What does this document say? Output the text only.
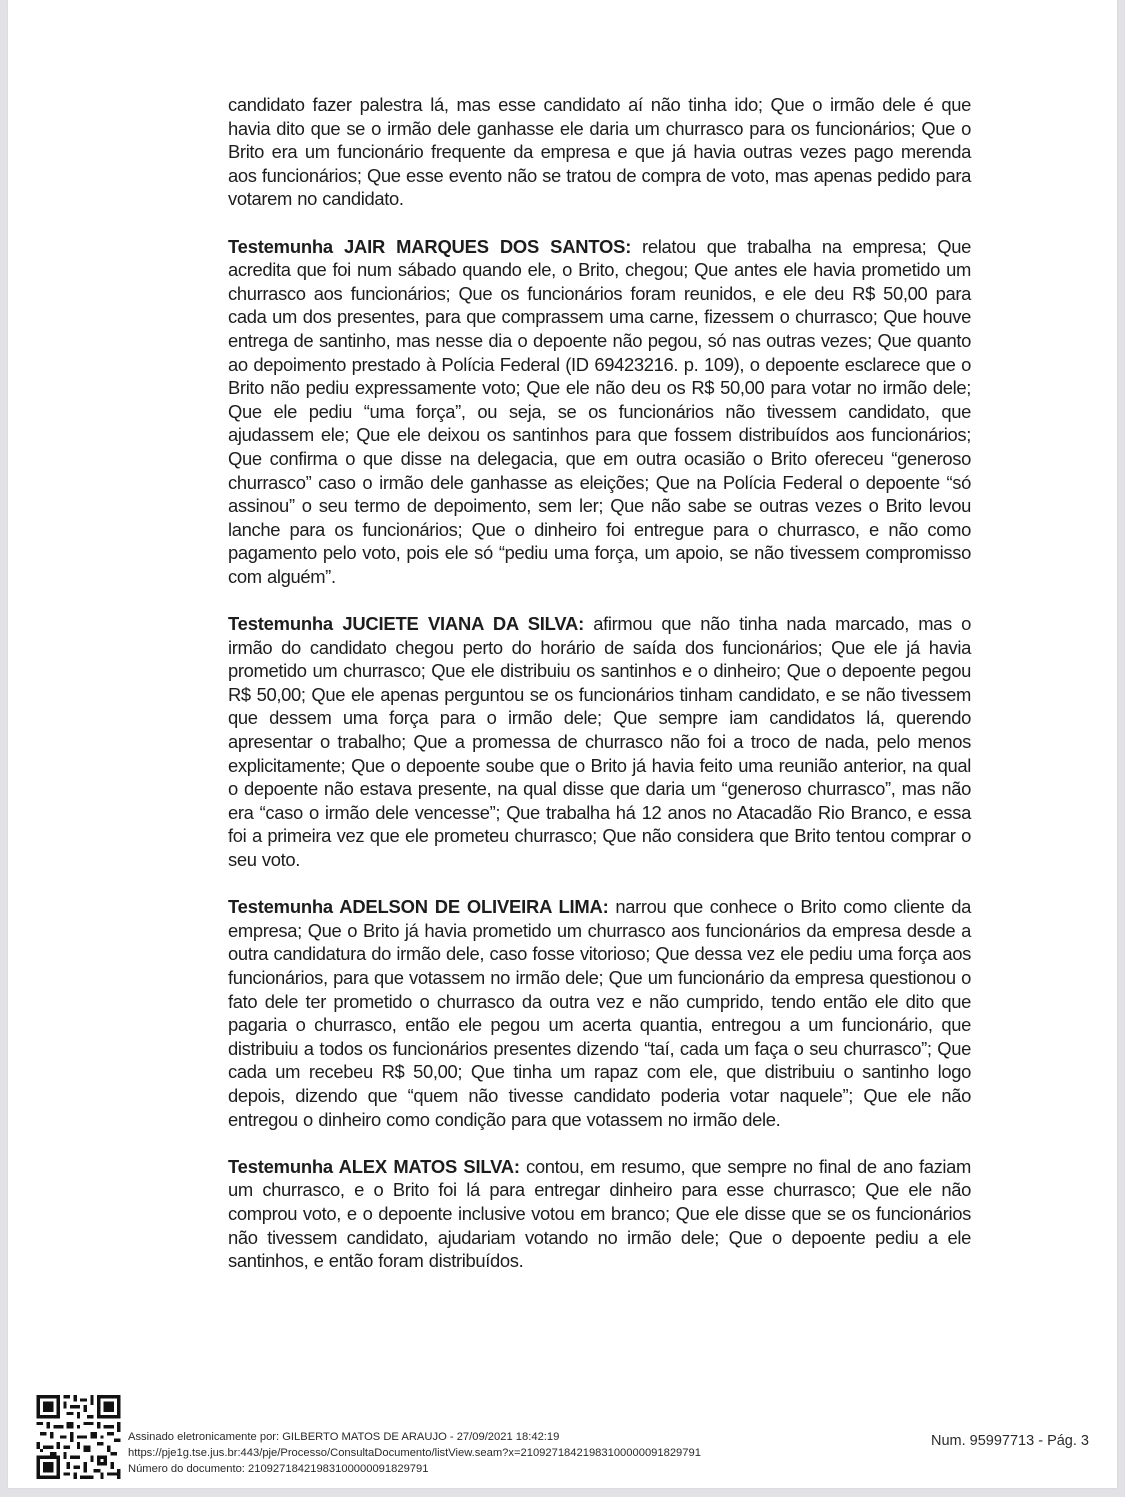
candidato fazer palestra lá, mas esse candidato aí não tinha ido; Que o irmão dele é que havia dito que se o irmão dele ganhasse ele daria um churrasco para os funcionários; Que o Brito era um funcionário frequente da empresa e que já havia outras vezes pago merenda aos funcionários; Que esse evento não se tratou de compra de voto, mas apenas pedido para votarem no candidato.

Testemunha JAIR MARQUES DOS SANTOS: relatou que trabalha na empresa; Que acredita que foi num sábado quando ele, o Brito, chegou; Que antes ele havia prometido um churrasco aos funcionários; Que os funcionários foram reunidos, e ele deu R$ 50,00 para cada um dos presentes, para que comprassem uma carne, fizessem o churrasco; Que houve entrega de santinho, mas nesse dia o depoente não pegou, só nas outras vezes; Que quanto ao depoimento prestado à Polícia Federal (ID 69423216. p. 109), o depoente esclarece que o Brito não pediu expressamente voto; Que ele não deu os R$ 50,00 para votar no irmão dele; Que ele pediu “uma força”, ou seja, se os funcionários não tivessem candidato, que ajudassem ele; Que ele deixou os santinhos para que fossem distribuídos aos funcionários; Que confirma o que disse na delegacia, que em outra ocasião o Brito ofereceu “generoso churrasco” caso o irmão dele ganhasse as eleições; Que na Polícia Federal o depoente “só assinou” o seu termo de depoimento, sem ler; Que não sabe se outras vezes o Brito levou lanche para os funcionários; Que o dinheiro foi entregue para o churrasco, e não como pagamento pelo voto, pois ele só “pediu uma força, um apoio, se não tivessem compromisso com alguém”.

Testemunha JUCIETE VIANA DA SILVA: afirmou que não tinha nada marcado, mas o irmão do candidato chegou perto do horário de saída dos funcionários; Que ele já havia prometido um churrasco; Que ele distribuiu os santinhos e o dinheiro; Que o depoente pegou R$ 50,00; Que ele apenas perguntou se os funcionários tinham candidato, e se não tivessem que dessem uma força para o irmão dele; Que sempre iam candidatos lá, querendo apresentar o trabalho; Que a promessa de churrasco não foi a troco de nada, pelo menos explicitamente; Que o depoente soube que o Brito já havia feito uma reunião anterior, na qual o depoente não estava presente, na qual disse que daria um “generoso churrasco”, mas não era “caso o irmão dele vencesse”; Que trabalha há 12 anos no Atacadão Rio Branco, e essa foi a primeira vez que ele prometeu churrasco; Que não considera que Brito tentou comprar o seu voto.

Testemunha ADELSON DE OLIVEIRA LIMA: narrou que conhece o Brito como cliente da empresa; Que o Brito já havia prometido um churrasco aos funcionários da empresa desde a outra candidatura do irmão dele, caso fosse vitorioso; Que dessa vez ele pediu uma força aos funcionários, para que votassem no irmão dele; Que um funcionário da empresa questionou o fato dele ter prometido o churrasco da outra vez e não cumprido, tendo então ele dito que pagaria o churrasco, então ele pegou um acerta quantia, entregou a um funcionário, que distribuiu a todos os funcionários presentes dizendo “taí, cada um faça o seu churrasco”; Que cada um recebeu R$ 50,00; Que tinha um rapaz com ele, que distribuiu o santinho logo depois, dizendo que “quem não tivesse candidato poderia votar naquele”; Que ele não entregou o dinheiro como condição para que votassem no irmão dele.

Testemunha ALEX MATOS SILVA: contou, em resumo, que sempre no final de ano faziam um churrasco, e o Brito foi lá para entregar dinheiro para esse churrasco; Que ele não comprou voto, e o depoente inclusive votou em branco; Que ele disse que se os funcionários não tivessem candidato, ajudariam votando no irmão dele; Que o depoente pediu a ele santinhos, e então foram distribuídos.

Assinado eletronicamente por: GILBERTO MATOS DE ARAUJO - 27/09/2021 18:42:19
https://pje1g.tse.jus.br:443/pje/Processo/ConsultaDocumento/listView.seam?x=21092718421983100000091829791
Número do documento: 21092718421983100000091829791
Num. 95997713 - Pág. 3
